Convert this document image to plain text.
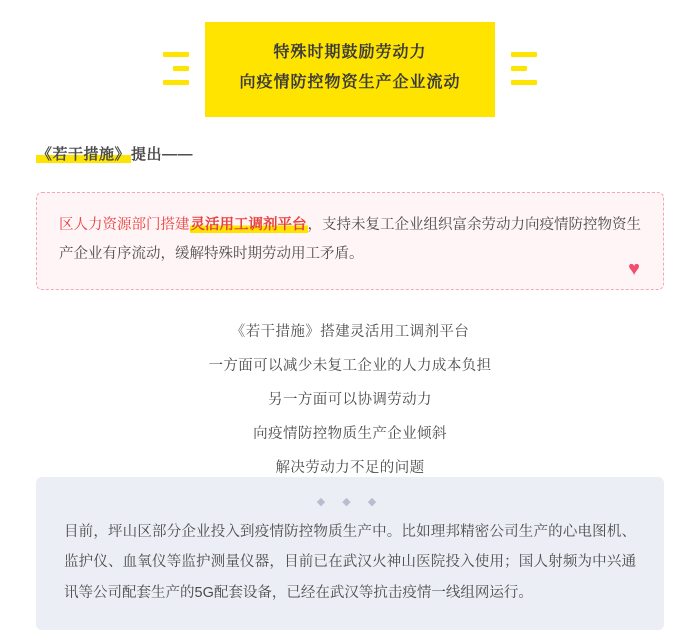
特殊时期鼓励劳动力
向疫情防控物资生产企业流动
《若干措施》提出——
区人力资源部门搭建灵活用工调剂平台，支持未复工企业组织富余劳动力向疫情防控物资生产企业有序流动，缓解特殊时期劳动用工矛盾。
♥
《若干措施》搭建灵活用工调剂平台
一方面可以减少未复工企业的人力成本负担
另一方面可以协调劳动力
向疫情防控物质生产企业倾斜
解决劳动力不足的问题
◆ ◆ ◆
目前，坪山区部分企业投入到疫情防控物质生产中。比如理邦精密公司生产的心电图机、监护仪、血氧仪等监护测量仪器，目前已在武汉火神山医院投入使用；国人射频为中兴通讯等公司配套生产的5G配套设备，已经在武汉等抗击疫情一线组网运行。
